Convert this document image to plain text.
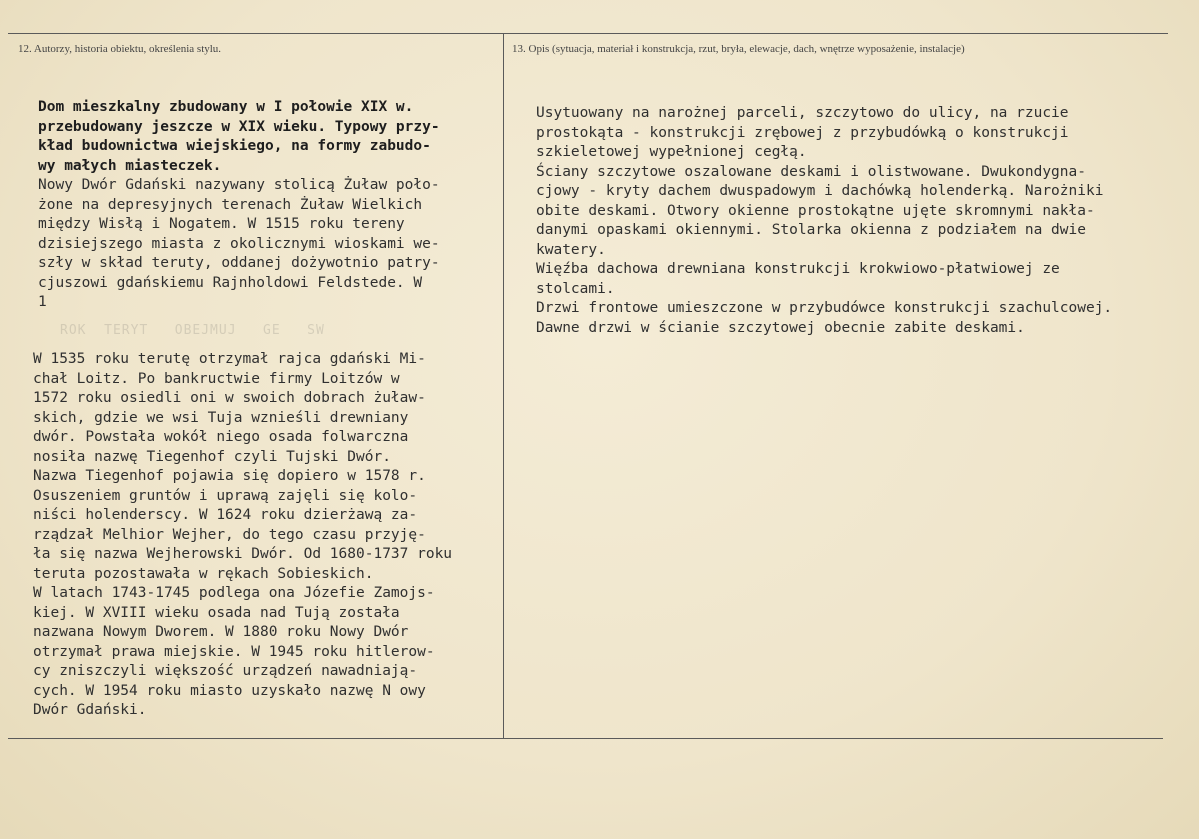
12. Autorzy, historia obiektu, określenia stylu.	13. Opis (sytuacja, materiał i konstrukcja, rzut, bryła, elewacje, dach, wnętrze wyposażenie, instalacje)
Dom mieszkalny zbudowany w I połowie XIX w.
przebudowany jeszcze w XIX wieku. Typowy przy-
kład budownictwa wiejskiego, na formy zabudo-
wy małych miasteczek.
Nowy Dwór Gdański nazywany stolicą Żuław poło-
żone na depresyjnych terenach Żuław Wielkich
między Wisłą i Nogatem. W 1515 roku tereny
dzisiejszego miasta z okolicznymi wioskami we-
szły w skład teruty, oddanej dożywotnio patry-
cjuszowi gdańskiemu Rajnholdowi Feldstede. W
1
ROK  TERYT   OBEJMUJ   GE   SW
W 1535 roku terutę otrzymał rajca gdański Mi-
chał Loitz. Po bankructwie firmy Loitzów w
1572 roku osiedli oni w swoich dobrach żuław-
skich, gdzie we wsi Tuja wznieśli drewniany
dwór. Powstała wokół niego osada folwarczna
nosiła nazwę Tiegenhof czyli Tujski Dwór.
Nazwa Tiegenhof pojawia się dopiero w 1578 r.
Osuszeniem gruntów i uprawą zajęli się kolo-
niści holenderscy. W 1624 roku dzierżawą za-
rządzał Melhior Wejher, do tego czasu przyję-
ła się nazwa Wejherowski Dwór. Od 1680-1737 roku
teruta pozostawała w rękach Sobieskich.
W latach 1743-1745 podlega ona Józefie Zamojs-
kiej. W XVIII wieku osada nad Tują została
nazwana Nowym Dworem. W 1880 roku Nowy Dwór
otrzymał prawa miejskie. W 1945 roku hitlerow-
cy zniszczyli większość urządzeń nawadniają-
cych. W 1954 roku miasto uzyskało nazwę N owy
Dwór Gdański.
Usytuowany na narożnej parceli, szczytowo do ulicy, na rzucie
prostokąta - konstrukcji zrębowej z przybudówką o konstrukcji
szkieletowej wypełnionej cegłą.
Ściany szczytowe oszalowane deskami i olistwowane. Dwukondygna-
cjowy - kryty dachem dwuspadowym i dachówką holenderką. Narożniki
obite deskami. Otwory okienne prostokątne ujęte skromnymi nakła-
danymi opaskami okiennymi. Stolarka okienna z podziałem na dwie
kwatery.
Więźba dachowa drewniana konstrukcji krokwiowo-płatwiowej ze
stolcami.
Drzwi frontowe umieszczone w przybudówce konstrukcji szachulcowej.
Dawne drzwi w ścianie szczytowej obecnie zabite deskami.
